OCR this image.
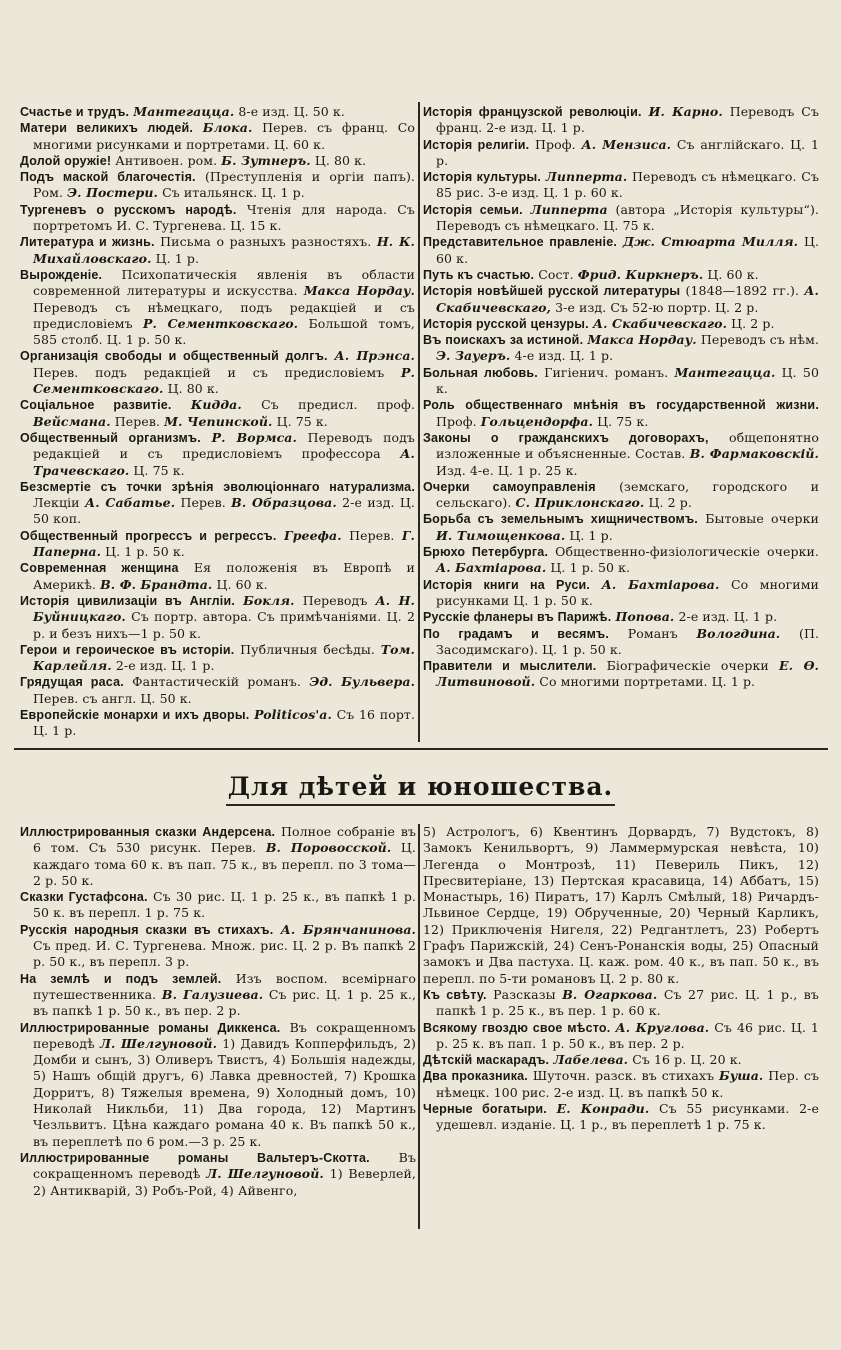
Счастье и трудъ. Мантегацца. 8-е изд. Ц. 50 к.

Матери великихъ людей. Блока. Перев. съ франц. Со многими рисунками и портретами. Ц. 60 к.

Долой оружіе! Антивоен. ром. Б. Зутнеръ. Ц. 80 к.

Подъ маской благочестія. (Преступленія и оргіи папъ). Ром. Э. Постери. Съ итальянск. Ц. 1 р.

Тургеневъ о русскомъ народѣ. Чтенія для народа. Съ портретомъ И. С. Тургенева. Ц. 15 к.

Литература и жизнь. Письма о разныхъ разностяхъ. Н. К. Михайловскаго. Ц. 1 р.

Вырожденіе. Психопатическія явленія въ области современной литературы и искусства. Макса Нордау. Переводъ съ нѣмецкаго, подъ редакціей и съ предисловіемъ Р. Сементковскаго. Большой томъ, 585 столб. Ц. 1 р. 50 к.

Организація свободы и общественный долгъ. А. Прэнса. Перев. подъ редакціей и съ предисловіемъ Р. Сементковскаго. Ц. 80 к.

Соціальное развитіе. Кидда. Съ предисл. проф. Вейсмана. Перев. М. Чепинской. Ц. 75 к.

Общественный организмъ. Р. Вормса. Переводъ подъ редакціей и съ предисловіемъ профессора А. Трачевскаго. Ц. 75 к.

Безсмертіе съ точки зрѣнія эволюціоннаго натурализма. Лекціи А. Сабатье. Перев. В. Образцова. 2-е изд. Ц. 50 коп.

Общественный прогрессъ и регрессъ. Греефа. Перев. Г. Паперна. Ц. 1 р. 50 к.

Современная женщина Ея положенія въ Европѣ и Америкѣ. В. Ф. Брандта. Ц. 60 к.

Исторія цивилизаціи въ Англіи. Бокля. Переводъ А. Н. Буйницкаго. Съ портр. автора. Съ примѣчаніями. Ц. 2 р. и безъ нихъ—1 р. 50 к.

Герои и героическое въ исторіи. Публичныя бесѣды. Том. Карлейля. 2-е изд. Ц. 1 р.

Грядущая раса. Фантастическій романъ. Эд. Бульвера. Перев. съ англ. Ц. 50 к.

Европейскіе монархи и ихъ дворы. Politicos'a. Съ 16 порт. Ц. 1 р.

Исторія французской революціи. И. Карно. Переводъ Съ франц. 2-е изд. Ц. 1 р.

Исторія религіи. Проф. А. Мензиса. Съ англійскаго. Ц. 1 р.

Исторія культуры. Липперта. Переводъ съ нѣмецкаго. Съ 85 рис. 3-е изд. Ц. 1 р. 60 к.

Исторія семьи. Липперта (автора „Исторія культуры“). Переводъ съ нѣмецкаго. Ц. 75 к.

Представительное правленіе. Дж. Стюарта Милля. Ц. 60 к.

Путь къ счастью. Сост. Фрид. Киркнеръ. Ц. 60 к.

Исторія новѣйшей русской литературы (1848—1892 гг.). А. Скабичевскаго, 3-е изд. Съ 52-ю портр. Ц. 2 р.

Исторія русской цензуры. А. Скабичевскаго. Ц. 2 р.

Въ поискахъ за истиной. Макса Нордау. Переводъ съ нѣм. Э. Зауеръ. 4-е изд. Ц. 1 р.

Больная любовь. Гигіенич. романъ. Мантегацца. Ц. 50 к.

Роль общественнаго мнѣнія въ государственной жизни. Проф. Гольцендорфа. Ц. 75 к.

Законы о гражданскихъ договорахъ, общепонятно изложенные и объясненные. Состав. В. Фармаковскій. Изд. 4-е. Ц. 1 р. 25 к.

Очерки самоуправленія (земскаго, городского и сельскаго). С. Приклонскаго. Ц. 2 р.

Борьба съ земельнымъ хищничествомъ. Бытовые очерки И. Тимощенкова. Ц. 1 р.

Брюхо Петербурга. Общественно-физіологическіе очерки. А. Бахтіарова. Ц. 1 р. 50 к.

Исторія книги на Руси. А. Бахтіарова. Со многими рисунками Ц. 1 р. 50 к.

Русскіе фланеры въ Парижѣ. Попова. 2-е изд. Ц. 1 р.

По градамъ и весямъ. Романъ Вологдина. (П. Засодимскаго). Ц. 1 р. 50 к.

Правители и мыслители. Біографическіе очерки Е. Ө. Литвиновой. Со многими портретами. Ц. 1 р.

Для дѣтей и юношества.

Иллюстрированныя сказки Андерсена. Полное собраніе въ 6 том. Съ 530 рисунк. Перев. В. Поровосской. Ц. каждаго тома 60 к. въ пап. 75 к., въ перепл. по 3 тома—2 р. 50 к.

Сказки Густафсона. Съ 30 рис. Ц. 1 р. 25 к., въ папкѣ 1 р. 50 к. въ перепл. 1 р. 75 к.

Русскія народныя сказки въ стихахъ. А. Брянчанинова. Съ пред. И. С. Тургенева. Множ. рис. Ц. 2 р. Въ папкѣ 2 р. 50 к., въ перепл. 3 р.

На землѣ и подъ землей. Изъ воспом. всемірнаго путешественника. В. Галузиева. Съ рис. Ц. 1 р. 25 к., въ папкѣ 1 р. 50 к., въ пер. 2 р.

Иллюстрированные романы Диккенса. Въ сокращенномъ переводѣ Л. Шелгуновой. 1) Давидъ Копперфильдъ, 2) Домби и сынъ, 3) Оливеръ Твистъ, 4) Большія надежды, 5) Нашъ общій другъ, 6) Лавка древностей, 7) Крошка Дорритъ, 8) Тяжелыя времена, 9) Холодный домъ, 10) Николай Никльби, 11) Два города, 12) Мартинъ Чезльвитъ. Цѣна каждаго романа 40 к. Въ папкѣ 50 к., въ переплетѣ по 6 ром.—3 р. 25 к.

Иллюстрированные романы Вальтеръ-Скотта. Въ сокращенномъ переводѣ Л. Шелгуновой. 1) Веверлей, 2) Антикварій, 3) Робъ-Рой, 4) Айвенго,

5) Астрологъ, 6) Квентинъ Дорвардъ, 7) Вудстокъ, 8) Замокъ Кенильвортъ, 9) Ламмермурская невѣста, 10) Легенда о Монтрозѣ, 11) Певериль Пикъ, 12) Пресвитеріане, 13) Пертская красавица, 14) Аббатъ, 15) Монастырь, 16) Пиратъ, 17) Карлъ Смѣлый, 18) Ричардъ-Львиное Сердце, 19) Обрученные, 20) Черный Карликъ, 12) Приключенія Нигеля, 22) Редгантлетъ, 23) Робертъ Графъ Парижскій, 24) Сенъ-Ронанскія воды, 25) Опасный замокъ и Два пастуха. Ц. каж. ром. 40 к., въ пап. 50 к., въ перепл. по 5-ти романовъ Ц. 2 р. 80 к.

Къ свѣту. Разсказы В. Огаркова. Съ 27 рис. Ц. 1 р., въ папкѣ 1 р. 25 к., въ пер. 1 р. 60 к.

Всякому гвоздю свое мѣсто. А. Круглова. Съ 46 рис. Ц. 1 р. 25 к. въ пап. 1 р. 50 к., въ пер. 2 р.

Дѣтскій маскарадъ. Лабелева. Съ 16 р. Ц. 20 к.

Два проказника. Шуточн. разск. въ стихахъ Буша. Пер. съ нѣмецк. 100 рис. 2-е изд. Ц. въ папкѣ 50 к.

Черные богатыри. Е. Конради. Съ 55 рисунками. 2-е удешевл. изданіе. Ц. 1 р., въ переплетѣ 1 р. 75 к.
